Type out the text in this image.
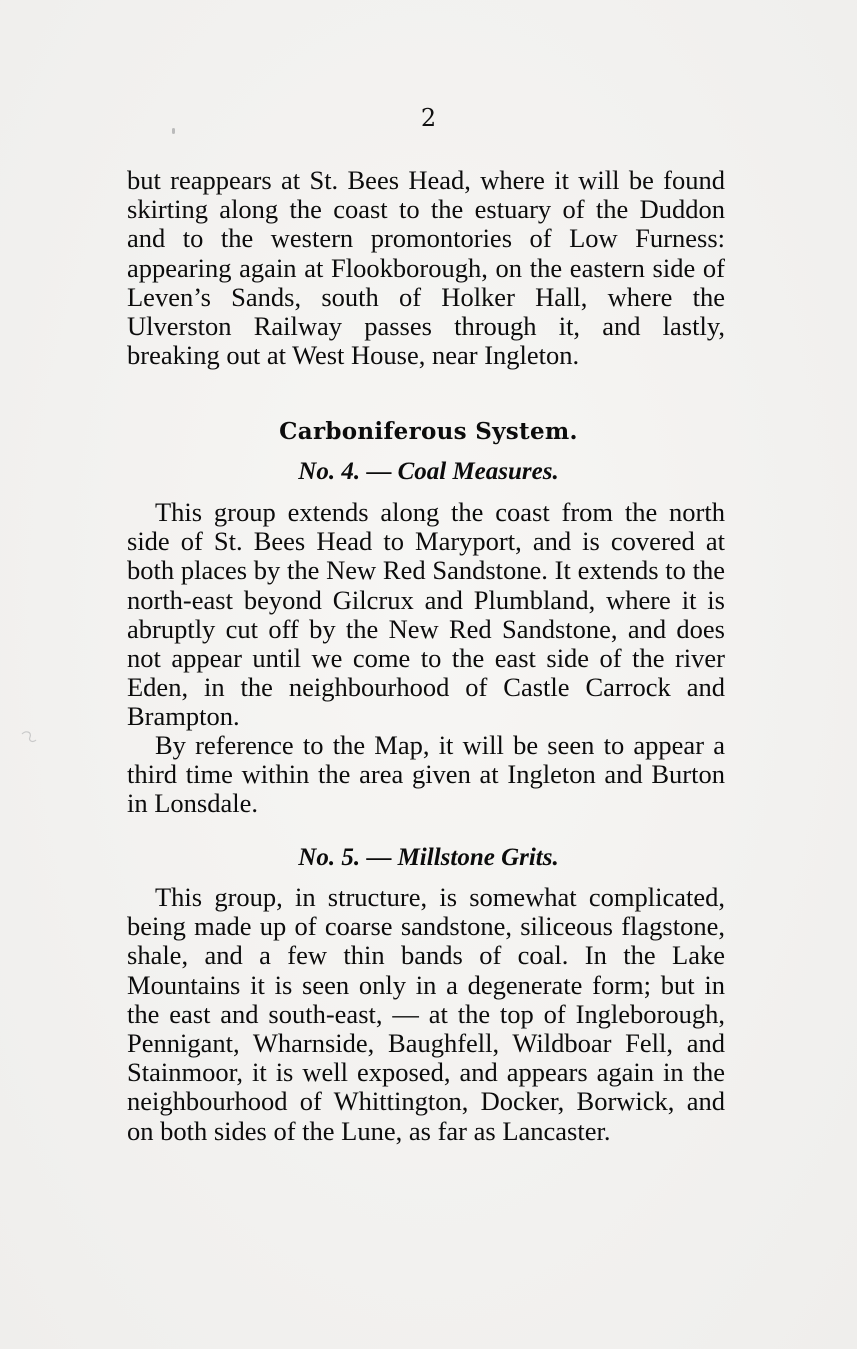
2

but reappears at St. Bees Head, where it will be found skirting along the coast to the estuary of the Duddon and to the western promontories of Low Furness: appearing again at Flookborough, on the eastern side of Leven’s Sands, south of Holker Hall, where the Ulverston Railway passes through it, and lastly, breaking out at West House, near Ingleton.

Carboniferous System.
No. 4. — Coal Measures.

This group extends along the coast from the north side of St. Bees Head to Maryport, and is covered at both places by the New Red Sandstone. It extends to the north-east beyond Gilcrux and Plumbland, where it is abruptly cut off by the New Red Sandstone, and does not appear until we come to the east side of the river Eden, in the neighbourhood of Castle Carrock and Brampton.

By reference to the Map, it will be seen to appear a third time within the area given at Ingleton and Burton in Lonsdale.

No. 5. — Millstone Grits.

This group, in structure, is somewhat complicated, being made up of coarse sandstone, siliceous flagstone, shale, and a few thin bands of coal. In the Lake Mountains it is seen only in a degenerate form; but in the east and south-east, — at the top of Ingleborough, Pennigant, Wharnside, Baughfell, Wildboar Fell, and Stainmoor, it is well exposed, and appears again in the neighbourhood of Whittington, Docker, Borwick, and on both sides of the Lune, as far as Lancaster.
